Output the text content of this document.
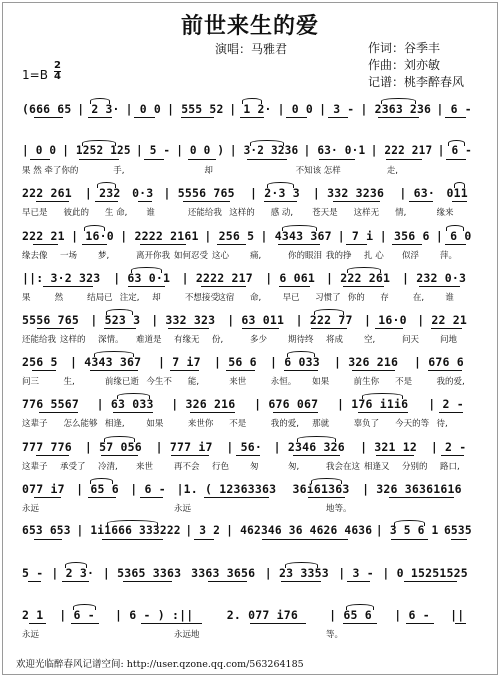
前世来生的爱
演唱：马雅君	作词：谷季丰
作曲：刘亦敏
记谱：桃李醉春风
1=B
2
4
(666 65 | 2 3· | 0 0 | 555 52 | 1 2· | 0 0 | 3 - | 2363 236 | 6 -
| 0 0 | 1252 125 | 5 - | 0 0 ) | 3·2 3236 | 63· 0·1 | 222 217 | 6 -
果 然 牵了你的	手,	却	不知该 怎样	走,
222 261 | 232 0·3 | 5556 765 | 2·3 3 | 332 3236 | 63· 011
早已是 彼此的 生 命, 谁	还能给我 这样的 感 动, 苍天是 这样无 情,	缘来
222 21 | 16·0 | 2222 2161 | 256 5 | 4343 367 | 7 i | 356 6 | 6 0
缘去像 一场 梦,	离开你我 如何忍受 这心 痛,	你的眼泪 我的挣 扎 心 似浮 萍。
||: 3·2 323 | 63 0·1 | 2222 217 | 6 061 | 222 261 | 232 0·3
果	然	结局已 注定, 却	不想接受
这宿 命,	早已 习惯了 你的 存	在,	谁
5556 765 | 523 3 | 332 323 | 63 011 | 222 77 | 16·0 | 22 21
还能给我 这样的 深情。 难道是 有缘无 份,	多少 期待终 将成 空,	问天 问地
256 5 | 4343 367 | 7 i7 | 56 6 | 6 033 | 326 216 | 676 6
问三	生,	前缘已逝 今生不 能,	来世	永恒。 如果	前生你 不是	我的爱,
776 5567 | 63 033 | 326 216 | 676 067 | 176 i1i6 | 2 -
这辈子 怎么能够 相逢,	如果	来世你 不是	我的爱, 那就	辜负了 今天的等 待,
777 776 | 57 056 | 777 i7 | 56· | 2346 326 | 321 12 | 2 -
这辈子 承受了 冷清, 来世 再不会 行色 匆	匆,	我会在这 相逢又 分别的 路口,
077 i7 | 65 6 | 6 - |1. ( 12363363 36i61363 | 326 36361616
永远	永远	地等。
653 653 | 1i1666 333222 | 3 2 | 462346 36 4626 4636 | 3 5 6 1 6535
5 - | 2 3· | 5365 3363 3363 3656 | 23 3353 | 3 - | 0 15251525
2 1 | 6 - | 6 - ) :||	2. 077 i76	| 65 6 | 6 - ||
永远	永远地	等。
欢迎光临醉春风记谱空间: http://user.qzone.qq.com/563264185
